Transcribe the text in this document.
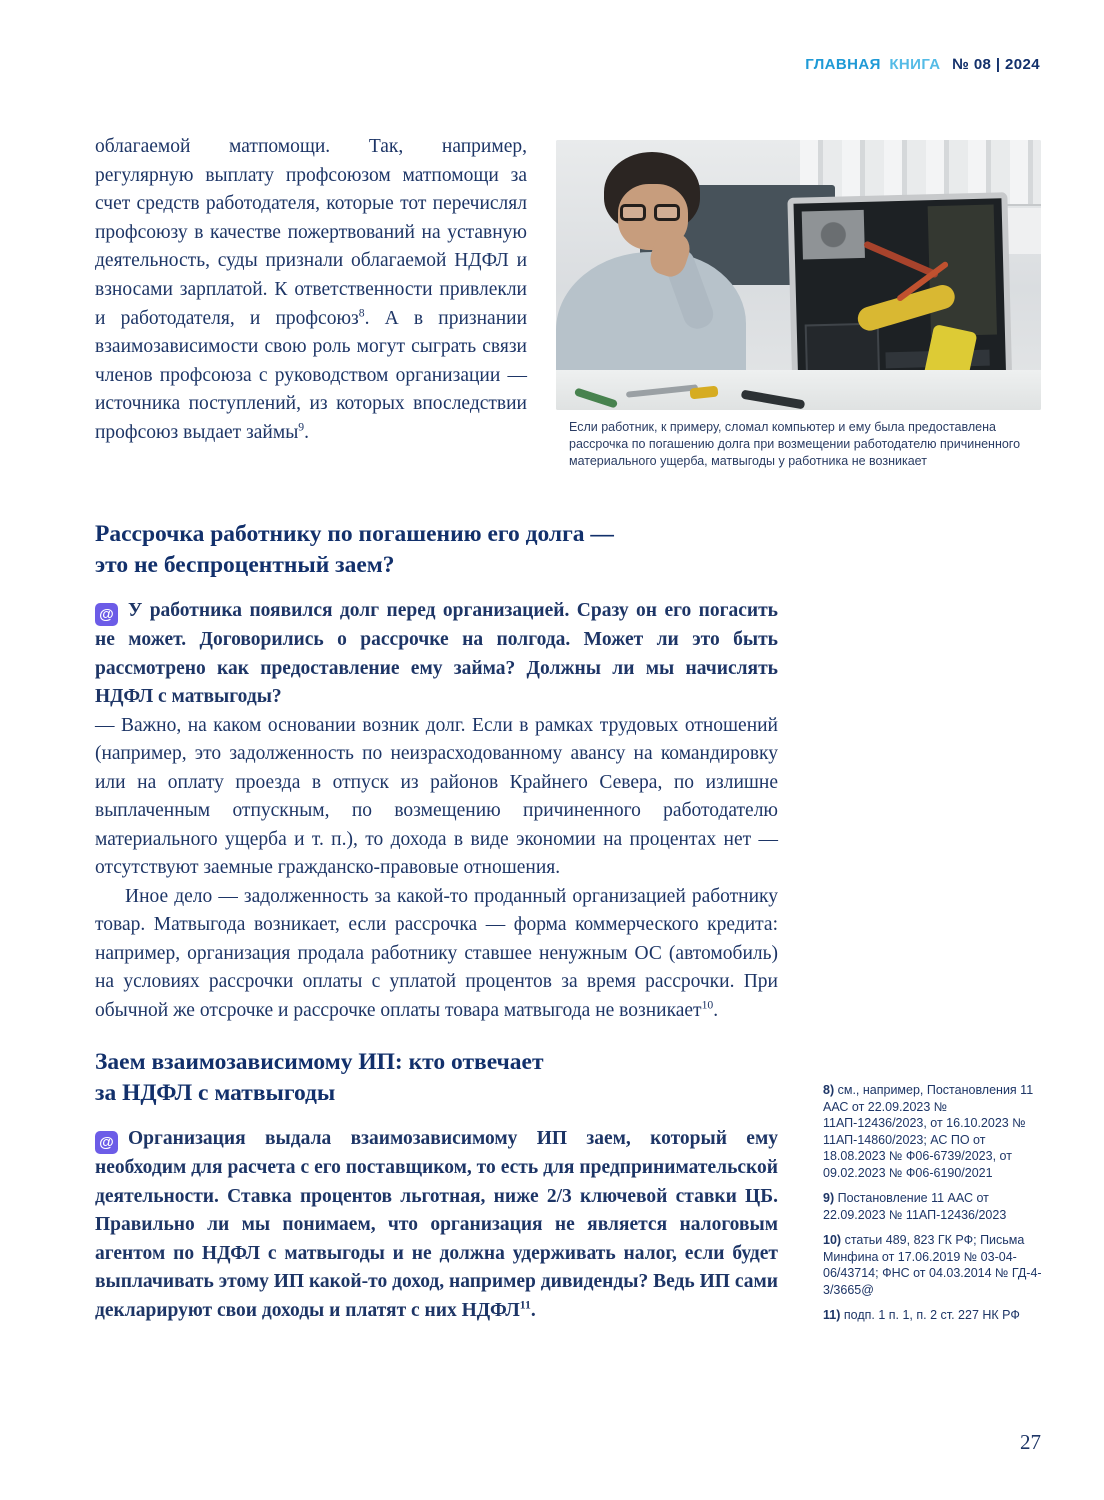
ГЛАВНАЯ КНИГА № 08 | 2024

облагаемой матпомощи. Так, например, регулярную выплату профсоюзом матпомощи за счет средств работодателя, которые тот перечислял профсоюзу в качестве пожертвований на уставную деятельность, суды признали облагаемой НДФЛ и взносами зарплатой. К ответственности привлекли и работодателя, и профсоюз$^8$. А в признании взаимозависимости свою роль могут сыграть связи членов профсоюза с руководством организации — источника поступлений, из которых впоследствии профсоюз выдает займы$^9$.	Если работник, к примеру, сломал компьютер и ему была предоставлена рассрочка по погашению долга при возмещении работодателю причиненного материального ущерба, матвыгоды у работника не возникает
Рассрочка работнику по погашению его долга —
это не беспроцентный заем?

@ У работника появился долг перед организацией. Сразу он его погасить не может. Договорились о рассрочке на полгода. Может ли это быть рассмотрено как предоставление ему займа? Должны ли мы начислять НДФЛ с матвыгоды?

— Важно, на каком основании возник долг. Если в рамках трудовых отношений (например, это задолженность по неизрасходованному авансу на командировку или на оплату проезда в отпуск из районов Крайнего Севера, по излишне выплаченным отпускным, по возмещению причиненного работодателю материального ущерба и т. п.), то дохода в виде экономии на процентах нет — отсутствуют заемные гражданско-правовые отношения.

Иное дело — задолженность за какой-то проданный организацией работнику товар. Матвыгода возникает, если рассрочка — форма коммерческого кредита: например, организация продала работнику ставшее ненужным ОС (автомобиль) на условиях рассрочки оплаты с уплатой процентов за время рассрочки. При обычной же отсрочке и рассрочке оплаты товара матвыгода не возникает$^{10}$.

Заем взаимозависимому ИП: кто отвечает
за НДФЛ с матвыгоды

@ Организация выдала взаимозависимому ИП заем, который ему необходим для расчета с его поставщиком, то есть для предпринимательской деятельности. Ставка процентов льготная, ниже 2/3 ключевой ставки ЦБ. Правильно ли мы понимаем, что организация не является налоговым агентом по НДФЛ с матвыгоды и не должна удерживать налог, если будет выплачивать этому ИП какой-то доход, например дивиденды? Ведь ИП сами декларируют свои доходы и платят с них НДФЛ$^{11}$.

8) см., например, Постановления 11 ААС от 22.09.2023 № 11АП-12436/2023, от 16.10.2023 № 11АП-14860/2023; АС ПО от 18.08.2023 № Ф06-6739/2023, от 09.02.2023 № Ф06-6190/2021

9) Постановление 11 ААС от 22.09.2023 № 11АП-12436/2023

10) статьи 489, 823 ГК РФ; Письма Минфина от 17.06.2019 № 03-04-06/43714; ФНС от 04.03.2014 № ГД-4-3/3665@

11) подп. 1 п. 1, п. 2 ст. 227 НК РФ

27
